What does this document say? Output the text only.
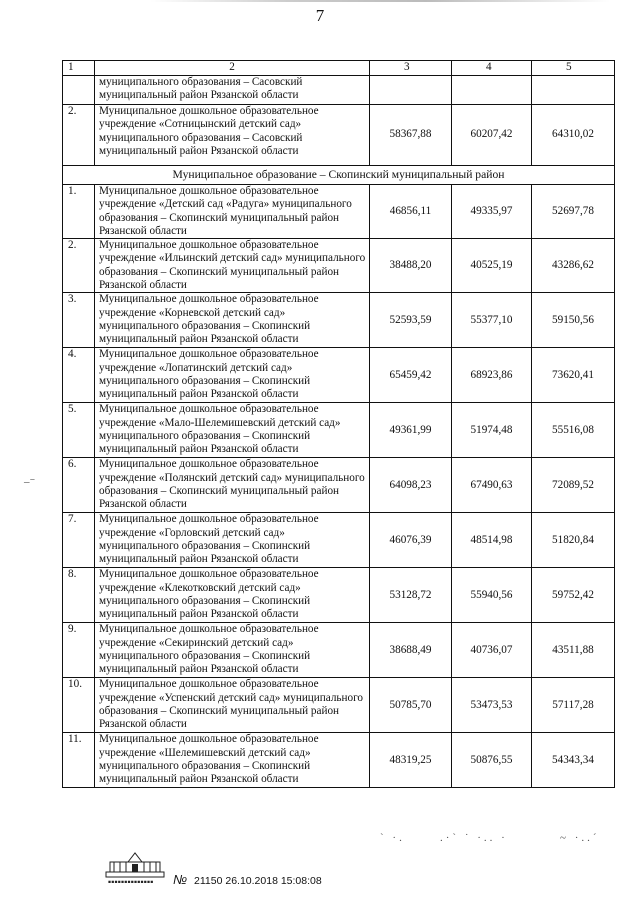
7
1	2	3	4	5
	муниципального образования – Сасовский муниципальный район Рязанской области			
2.	Муниципальное дошкольное образовательное учреждение «Сотницынский детский сад» муниципального образования – Сасовский муниципальный район Рязанской области	58367,88	60207,42	64310,02
Муниципальное образование – Скопинский муниципальный район				
1.	Муниципальное дошкольное образовательное учреждение «Детский сад «Радуга» муниципального образования – Скопинский муниципальный район Рязанской области	46856,11	49335,97	52697,78
2.	Муниципальное дошкольное образовательное учреждение «Ильинский детский сад» муниципального образования – Скопинский муниципальный район Рязанской области	38488,20	40525,19	43286,62
3.	Муниципальное дошкольное образовательное учреждение «Корневской детский сад» муниципального образования – Скопинский муниципальный район Рязанской области	52593,59	55377,10	59150,56
4.	Муниципальное дошкольное образовательное учреждение «Лопатинский детский сад» муниципального образования – Скопинский муниципальный район Рязанской области	65459,42	68923,86	73620,41
5.	Муниципальное дошкольное образовательное учреждение «Мало-Шелемишевский детский сад» муниципального образования – Скопинский муниципальный район Рязанской области	49361,99	51974,48	55516,08
6.	Муниципальное дошкольное образовательное учреждение «Полянский детский сад» муниципального образования – Скопинский муниципальный район Рязанской области	64098,23	67490,63	72089,52
7.	Муниципальное дошкольное образовательное учреждение «Горловский детский сад» муниципального образования – Скопинский муниципальный район Рязанской области	46076,39	48514,98	51820,84
8.	Муниципальное дошкольное образовательное учреждение «Клекотковский детский сад» муниципального образования – Скопинский муниципальный район Рязанской области	53128,72	55940,56	59752,42
9.	Муниципальное дошкольное образовательное учреждение «Секиринский детский сад» муниципального образования – Скопинский муниципальный район Рязанской области	38688,49	40736,07	43511,88
10.	Муниципальное дошкольное образовательное учреждение «Успенский детский сад» муниципального образования – Скопинский муниципальный район Рязанской области	50785,70	53473,53	57117,28
11.	Муниципальное дошкольное образовательное учреждение «Шелемишевский детский сад» муниципального образования – Скопинский муниципальный район Рязанской области	48319,25	50876,55	54343,34
–⁻
` ·.	.·` ˙ ·.. ·	~ ·..´
▪▪▪▪▪▪▪▪▪▪▪▪▪▪ № 21150 26.10.2018 15:08:08
